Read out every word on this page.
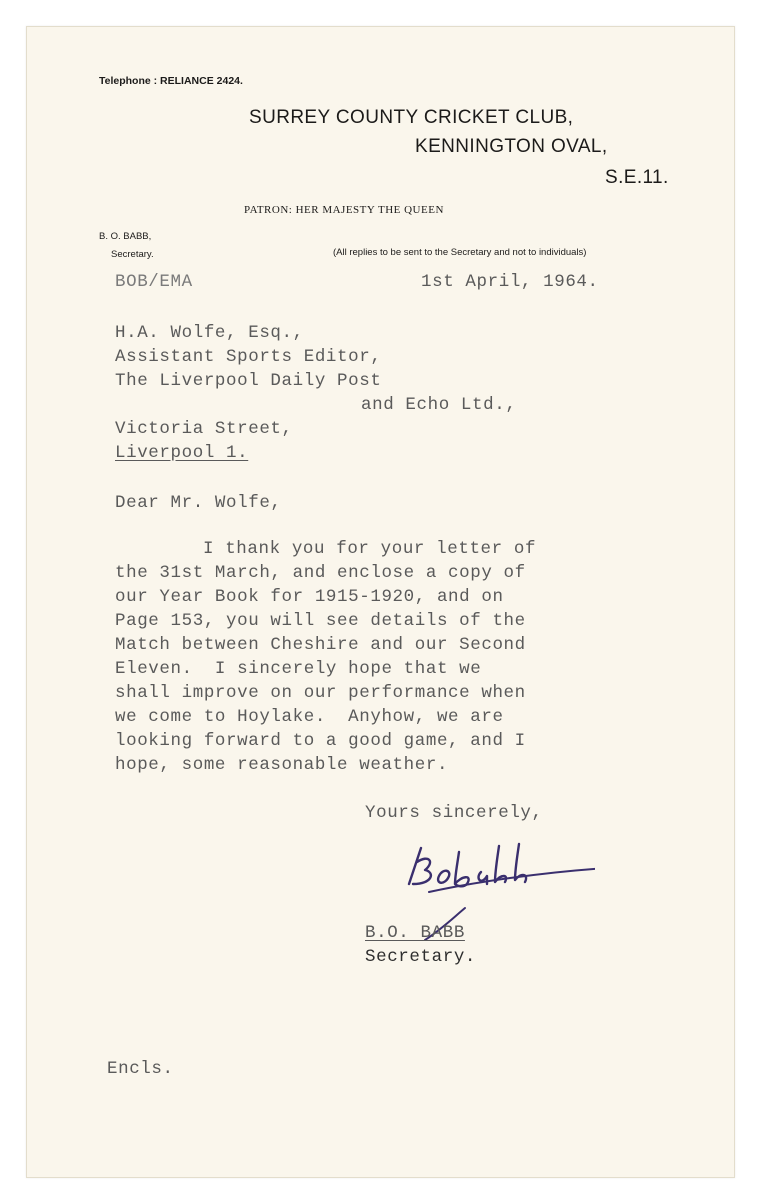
Telephone : RELIANCE 2424.
SURREY COUNTY CRICKET CLUB,
KENNINGTON OVAL,
S.E.11.
PATRON: HER MAJESTY THE QUEEN
B. O. BABB,
Secretary.	(All replies to be sent to the Secretary and not to individuals)
BOB/EMA	1st April, 1964.
H.A. Wolfe, Esq.,
Assistant Sports Editor,
The Liverpool Daily Post
and Echo Ltd.,
Victoria Street,
Liverpool 1.
Dear Mr. Wolfe,
I thank you for your letter of
the 31st March, and enclose a copy of
our Year Book for 1915-1920, and on
Page 153, you will see details of the
Match between Cheshire and our Second
Eleven.  I sincerely hope that we
shall improve on our performance when
we come to Hoylake.  Anyhow, we are
looking forward to a good game, and I
hope, some reasonable weather.
Yours sincerely,
B.O. BABB
Secretary.
Encls.
